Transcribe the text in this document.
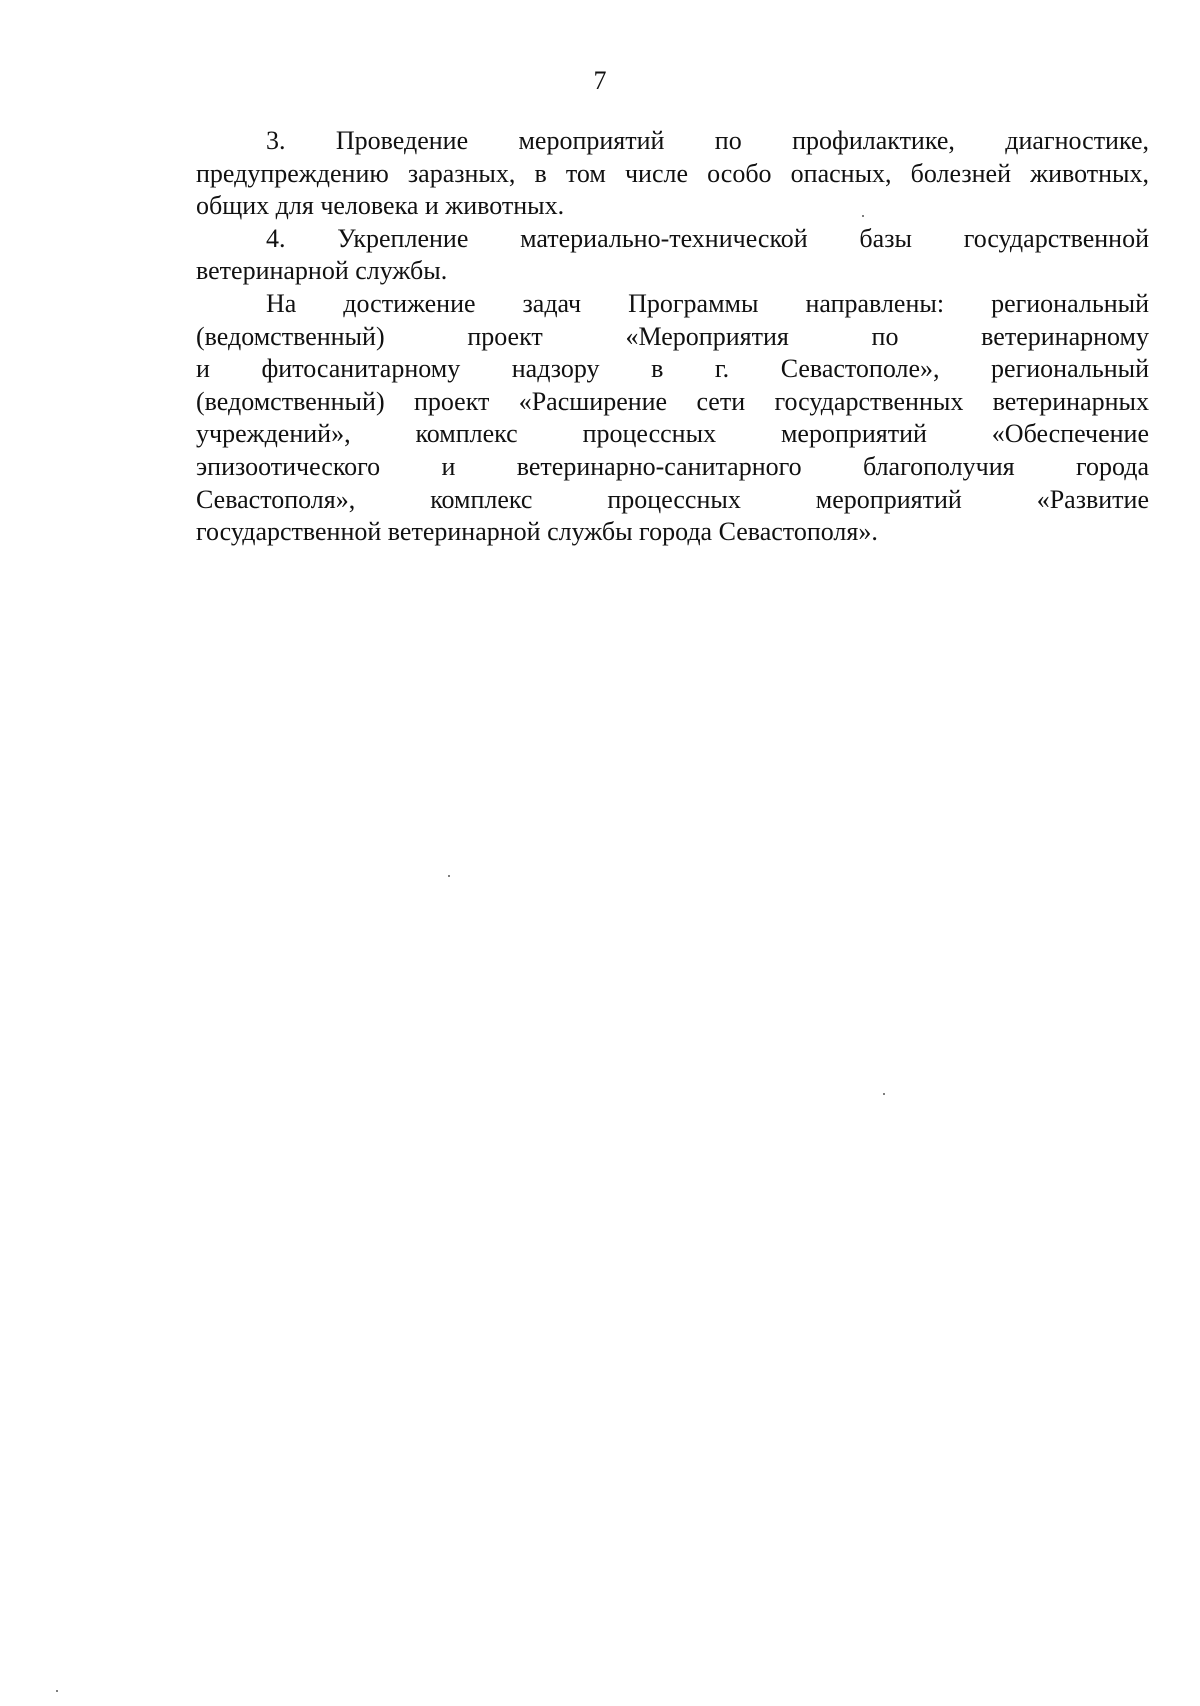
7
3. Проведение мероприятий по профилактике, диагностике,
предупреждению заразных, в том числе особо опасных, болезней животных,
общих для человека и животных.
4. Укрепление материально-технической базы государственной
ветеринарной службы.
На достижение задач Программы направлены: региональный
(ведомственный) проект «Мероприятия по ветеринарному
и фитосанитарному надзору в г. Севастополе», региональный
(ведомственный) проект «Расширение сети государственных ветеринарных
учреждений», комплекс процессных мероприятий «Обеспечение
эпизоотического и ветеринарно-санитарного благополучия города
Севастополя», комплекс процессных мероприятий «Развитие
государственной ветеринарной службы города Севастополя».
